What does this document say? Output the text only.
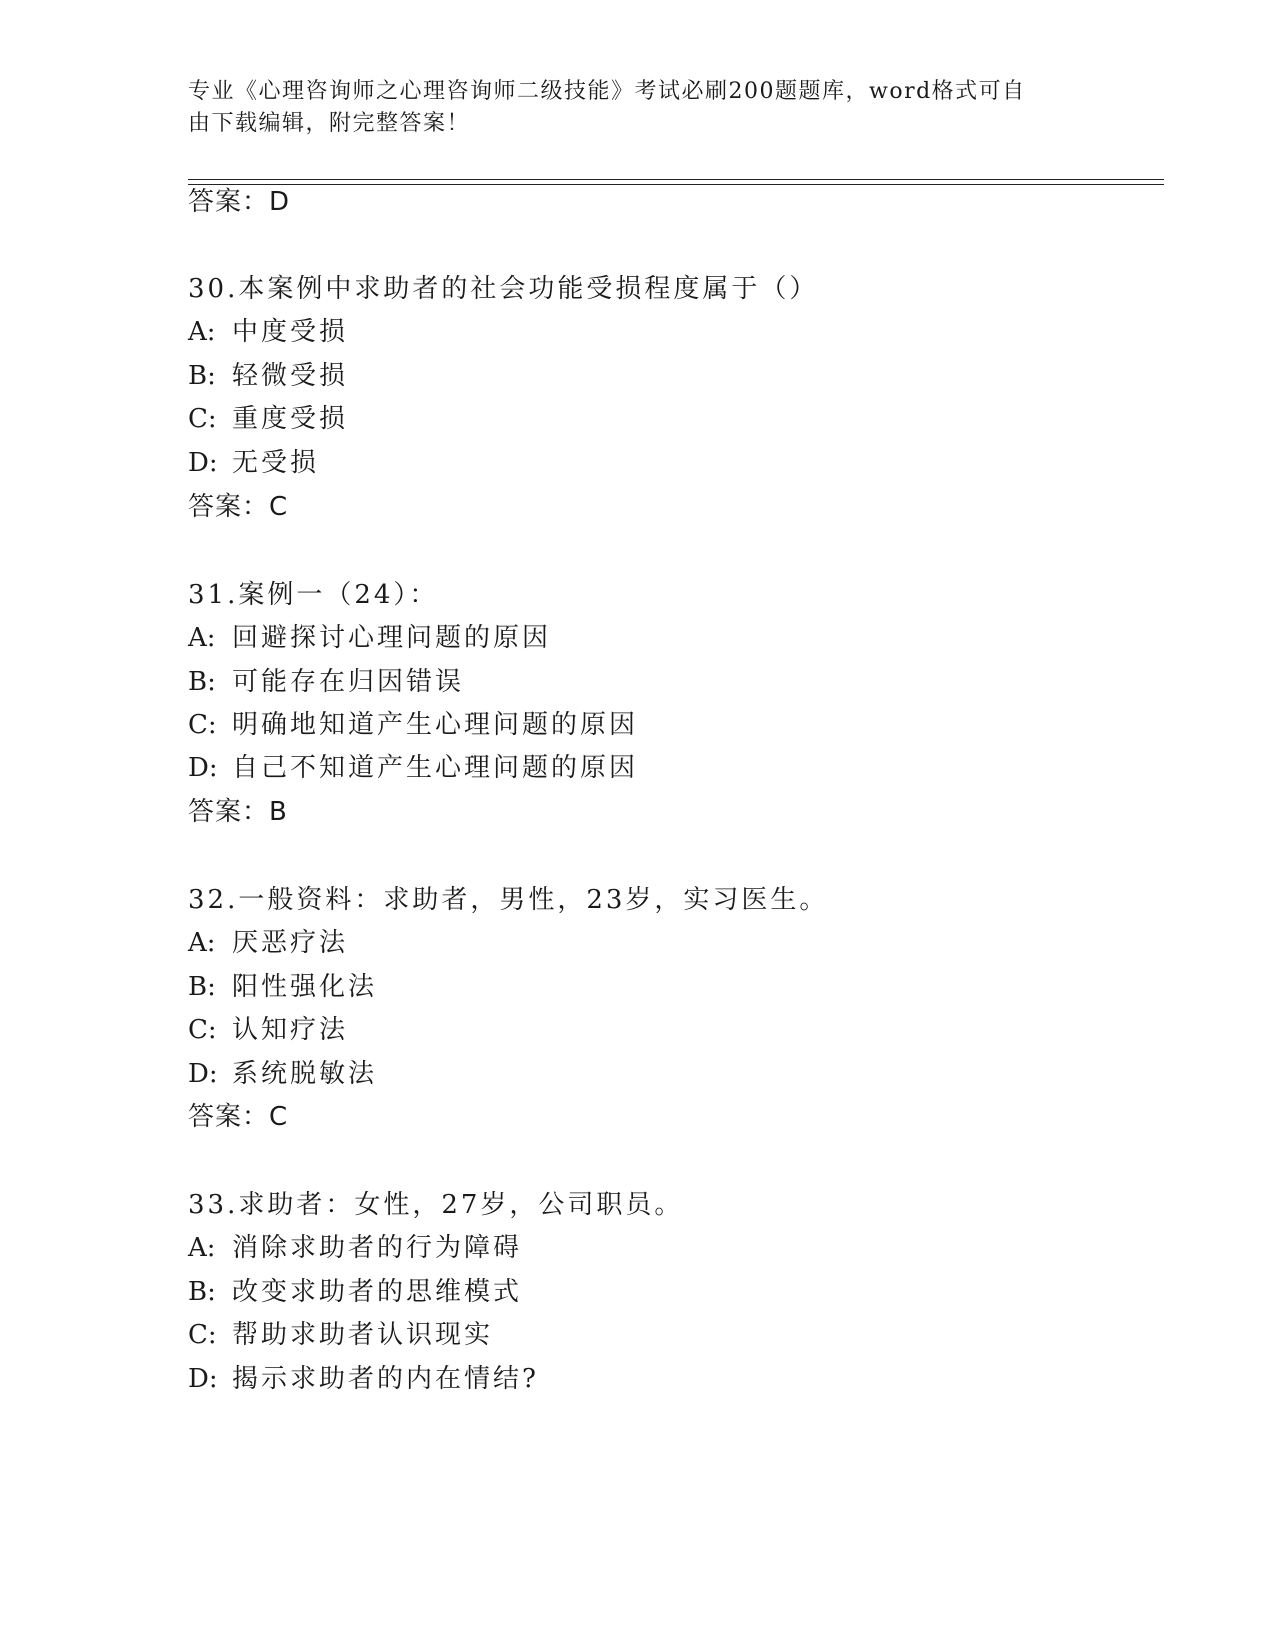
专业《心理咨询师之心理咨询师二级技能》考试必刷200题题库，word格式可自
由下载编辑，附完整答案！
答案：D
30.本案例中求助者的社会功能受损程度属于（）
A: 中度受损
B: 轻微受损
C: 重度受损
D: 无受损
答案：C
31.案例一（24）：
A: 回避探讨心理问题的原因
B: 可能存在归因错误
C: 明确地知道产生心理问题的原因
D: 自己不知道产生心理问题的原因
答案：B
32.一般资料：求助者，男性，23岁，实习医生。
A: 厌恶疗法
B: 阳性强化法
C: 认知疗法
D: 系统脱敏法
答案：C
33.求助者：女性，27岁，公司职员。
A: 消除求助者的行为障碍
B: 改变求助者的思维模式
C: 帮助求助者认识现实
D: 揭示求助者的内在情结?
